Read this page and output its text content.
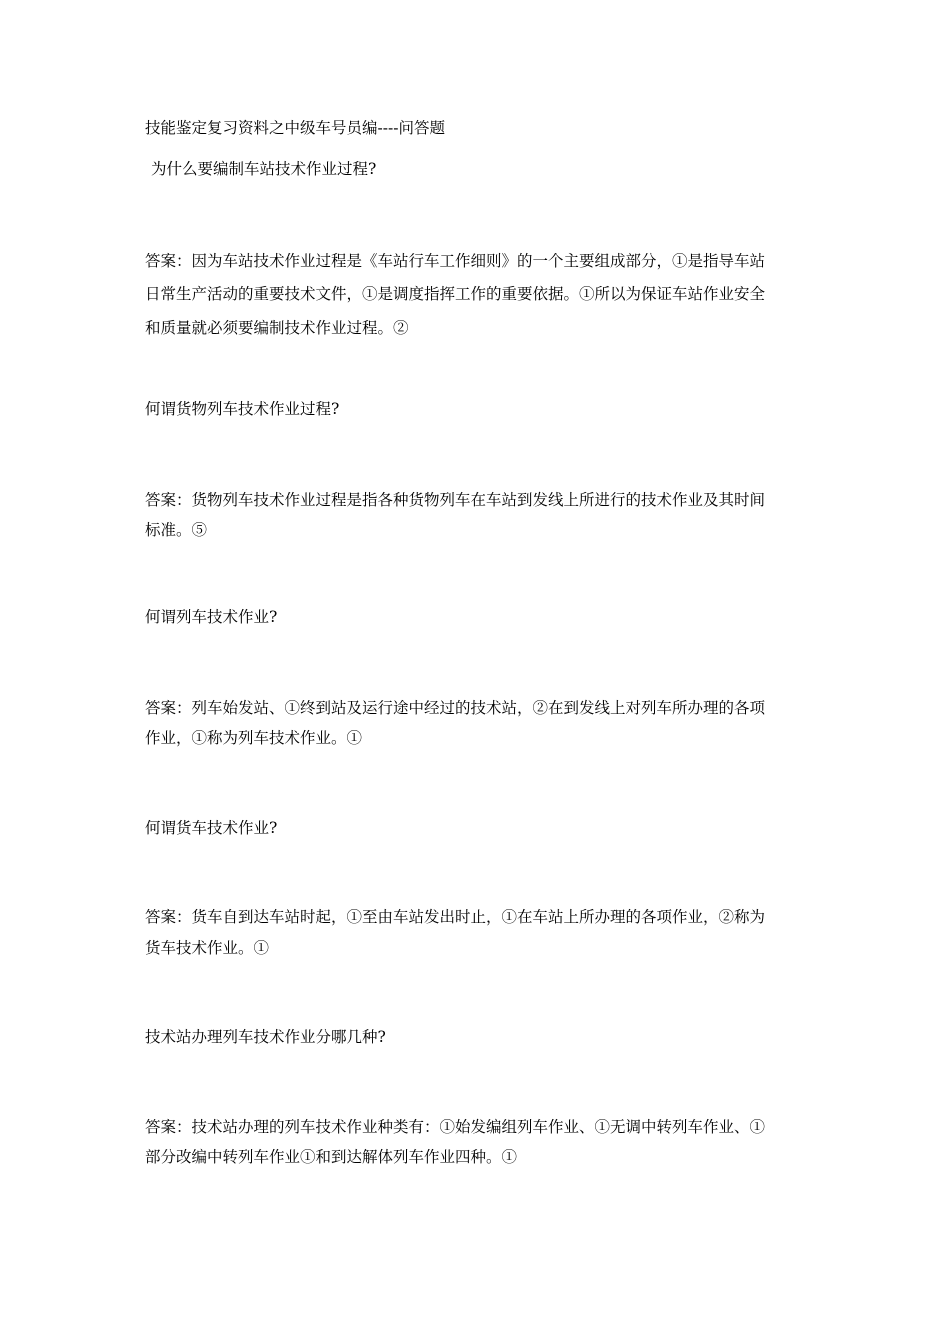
技能鉴定复习资料之中级车号员编----问答题
为什么要编制车站技术作业过程?
答案：因为车站技术作业过程是《车站行车工作细则》的一个主要组成部分，①是指导车站
日常生产活动的重要技术文件，①是调度指挥工作的重要依据。①所以为保证车站作业安全
和质量就必须要编制技术作业过程。②
何谓货物列车技术作业过程?
答案：货物列车技术作业过程是指各种货物列车在车站到发线上所进行的技术作业及其时间
标准。⑤
何谓列车技术作业?
答案：列车始发站、①终到站及运行途中经过的技术站，②在到发线上对列车所办理的各项
作业，①称为列车技术作业。①
何谓货车技术作业?
答案：货车自到达车站时起，①至由车站发出时止，①在车站上所办理的各项作业，②称为
货车技术作业。①
技术站办理列车技术作业分哪几种?
答案：技术站办理的列车技术作业种类有：①始发编组列车作业、①无调中转列车作业、①
部分改编中转列车作业①和到达解体列车作业四种。①
